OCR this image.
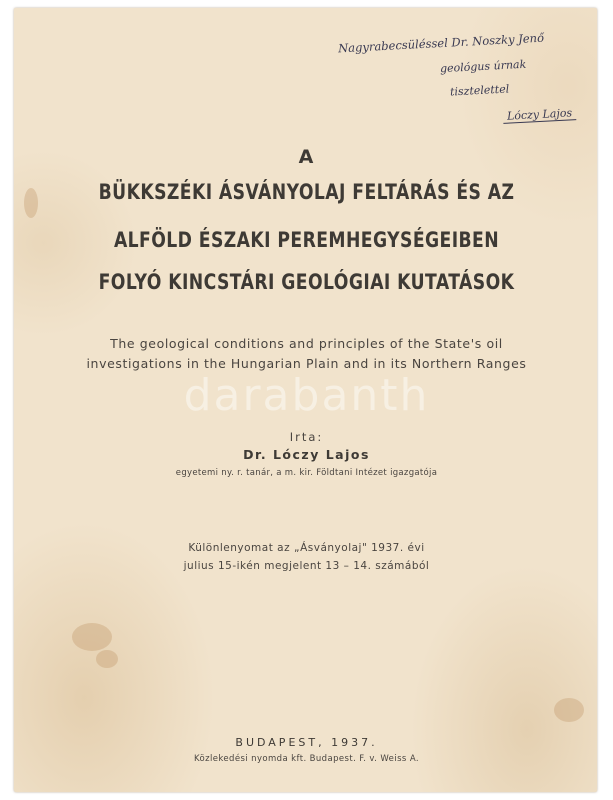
Nagyrabecsüléssel Dr. Noszky Jenő
geológus úrnak
tisztelettel
Lóczy Lajos
A
BÜKKSZÉKI ÁSVÁNYOLAJ FELTÁRÁS ÉS AZ
ALFÖLD ÉSZAKI PEREMHEGYSÉGEIBEN
FOLYÓ KINCSTÁRI GEOLÓGIAI KUTATÁSOK
The geological conditions and principles of the State's oil
investigations in the Hungarian Plain and in its Northern Ranges
darabanth
Irta:
Dr. Lóczy Lajos
egyetemi ny. r. tanár, a m. kir. Földtani Intézet igazgatója
Különlenyomat az „Ásványolaj" 1937. évi
julius 15-ikén megjelent 13 – 14. számából
BUDAPEST, 1937.
Közlekedési nyomda kft. Budapest. F. v. Weiss A.
